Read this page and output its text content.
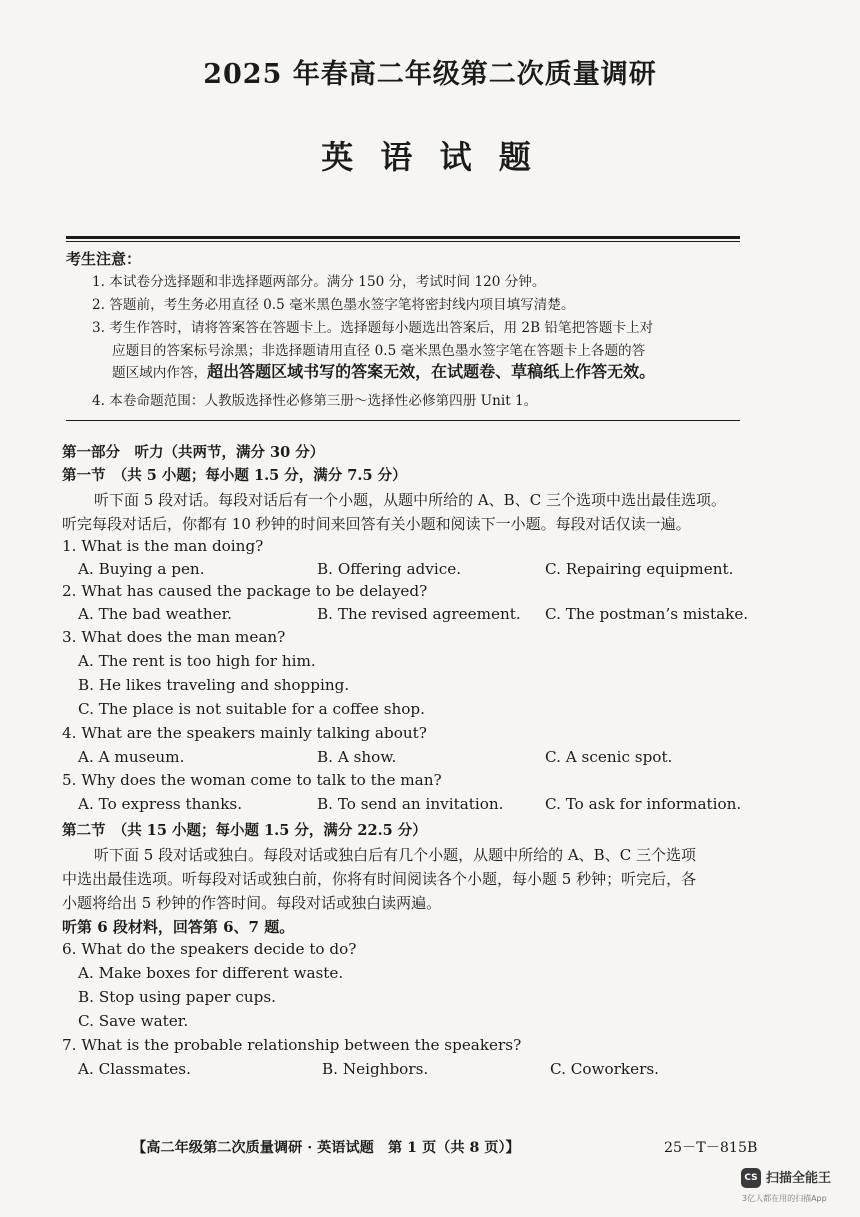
2025 年春高二年级第二次质量调研
英 语 试 题
考生注意：
1. 本试卷分选择题和非选择题两部分。满分 150 分，考试时间 120 分钟。
2. 答题前，考生务必用直径 0.5 毫米黑色墨水签字笔将密封线内项目填写清楚。
3. 考生作答时，请将答案答在答题卡上。选择题每小题选出答案后，用 2B 铅笔把答题卡上对
应题目的答案标号涂黑；非选择题请用直径 0.5 毫米黑色墨水签字笔在答题卡上各题的答
题区域内作答，超出答题区域书写的答案无效，在试题卷、草稿纸上作答无效。
4. 本卷命题范围：人教版选择性必修第三册～选择性必修第四册 Unit 1。
第一部分　听力（共两节，满分 30 分）
第一节　（共 5 小题；每小题 1.5 分，满分 7.5 分）
听下面 5 段对话。每段对话后有一个小题，从题中所给的 A、B、C 三个选项中选出最佳选项。
听完每段对话后，你都有 10 秒钟的时间来回答有关小题和阅读下一小题。每段对话仅读一遍。
1. What is the man doing?
A. Buying a pen.	B. Offering advice.	C. Repairing equipment.
2. What has caused the package to be delayed?
A. The bad weather.	B. The revised agreement. C. The postman’s mistake.
3. What does the man mean?
A. The rent is too high for him.
B. He likes traveling and shopping.
C. The place is not suitable for a coffee shop.
4. What are the speakers mainly talking about?
A. A museum.	B. A show.	C. A scenic spot.
5. Why does the woman come to talk to the man?
A. To express thanks.	B. To send an invitation.	C. To ask for information.
第二节　（共 15 小题；每小题 1.5 分，满分 22.5 分）
听下面 5 段对话或独白。每段对话或独白后有几个小题，从题中所给的 A、B、C 三个选项
中选出最佳选项。听每段对话或独白前，你将有时间阅读各个小题，每小题 5 秒钟；听完后，各
小题将给出 5 秒钟的作答时间。每段对话或独白读两遍。
听第 6 段材料，回答第 6、7 题。
6. What do the speakers decide to do?
A. Make boxes for different waste.
B. Stop using paper cups.
C. Save water.
7. What is the probable relationship between the speakers?
A. Classmates.	B. Neighbors.	C. Coworkers.
【高二年级第二次质量调研 · 英语试题　第 1 页（共 8 页）】	25－T－815B
CS 扫描全能王
3亿人都在用的扫描App
